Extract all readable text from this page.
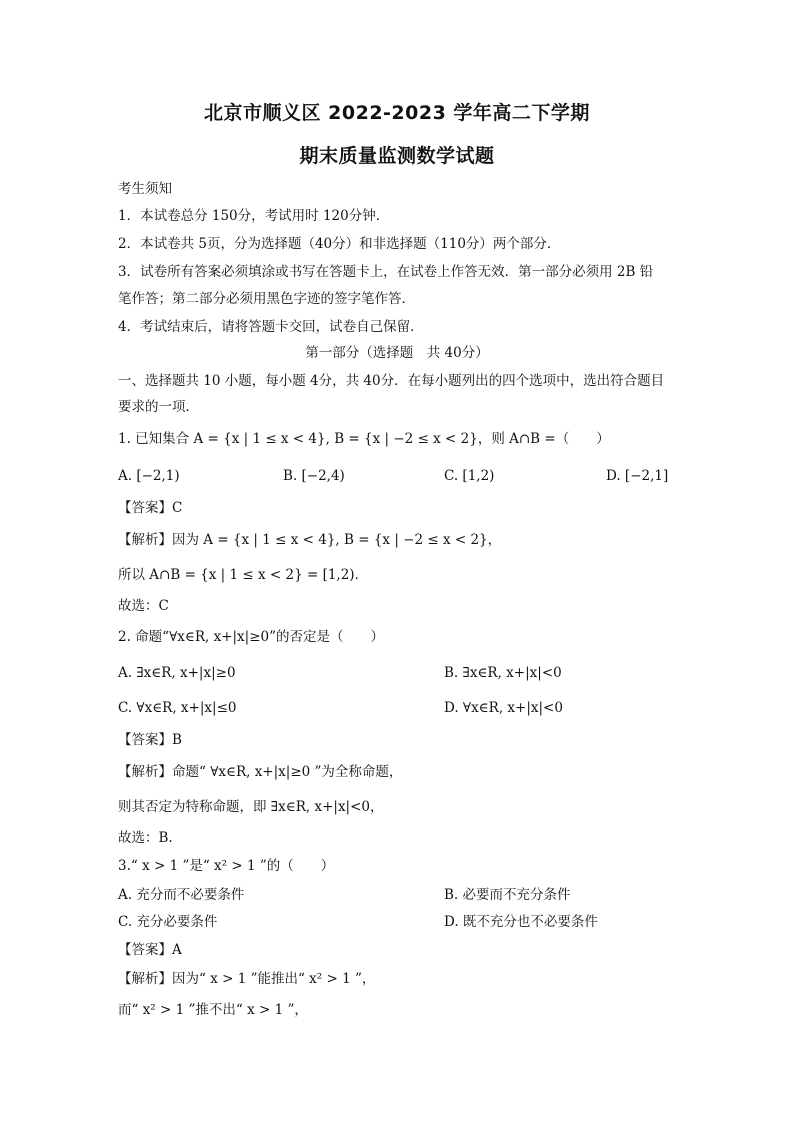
北京市顺义区 2022-2023 学年高二下学期
期末质量监测数学试题
考生须知
1．本试卷总分 150分，考试用时 120分钟．
2．本试卷共 5页，分为选择题（40分）和非选择题（110分）两个部分．
3．试卷所有答案必须填涂或书写在答题卡上，在试卷上作答无效．第一部分必须用 2B 铅
笔作答；第二部分必须用黑色字迹的签字笔作答．
4．考试结束后，请将答题卡交回，试卷自己保留．
第一部分（选择题　共 40分）
一、选择题共 10 小题，每小题 4分，共 40分．在每小题列出的四个选项中，选出符合题目
要求的一项．
1. 已知集合 A = {x | 1 ≤ x < 4}, B = {x | −2 ≤ x < 2}，则 A∩B =（　　）
A. [−2,1)	B. [−2,4)	C. [1,2)	D. [−2,1]
【答案】C
【解析】因为 A = {x | 1 ≤ x < 4}, B = {x | −2 ≤ x < 2}，
所以 A∩B = {x | 1 ≤ x < 2} = [1,2)．
故选：C
2. 命题“∀x∈R, x+|x|≥0”的否定是（　　）
A. ∃x∈R, x+|x|≥0	B. ∃x∈R, x+|x|<0
C. ∀x∈R, x+|x|≤0	D. ∀x∈R, x+|x|<0
【答案】B
【解析】命题“ ∀x∈R, x+|x|≥0 ”为全称命题，
则其否定为特称命题，即 ∃x∈R, x+|x|<0，
故选：B.
3.“ x > 1 ”是“ x² > 1 ”的（　　）
A. 充分而不必要条件	B. 必要而不充分条件
C. 充分必要条件	D. 既不充分也不必要条件
【答案】A
【解析】因为“ x > 1 ”能推出“ x² > 1 ”，
而“ x² > 1 ”推不出“ x > 1 ”，
